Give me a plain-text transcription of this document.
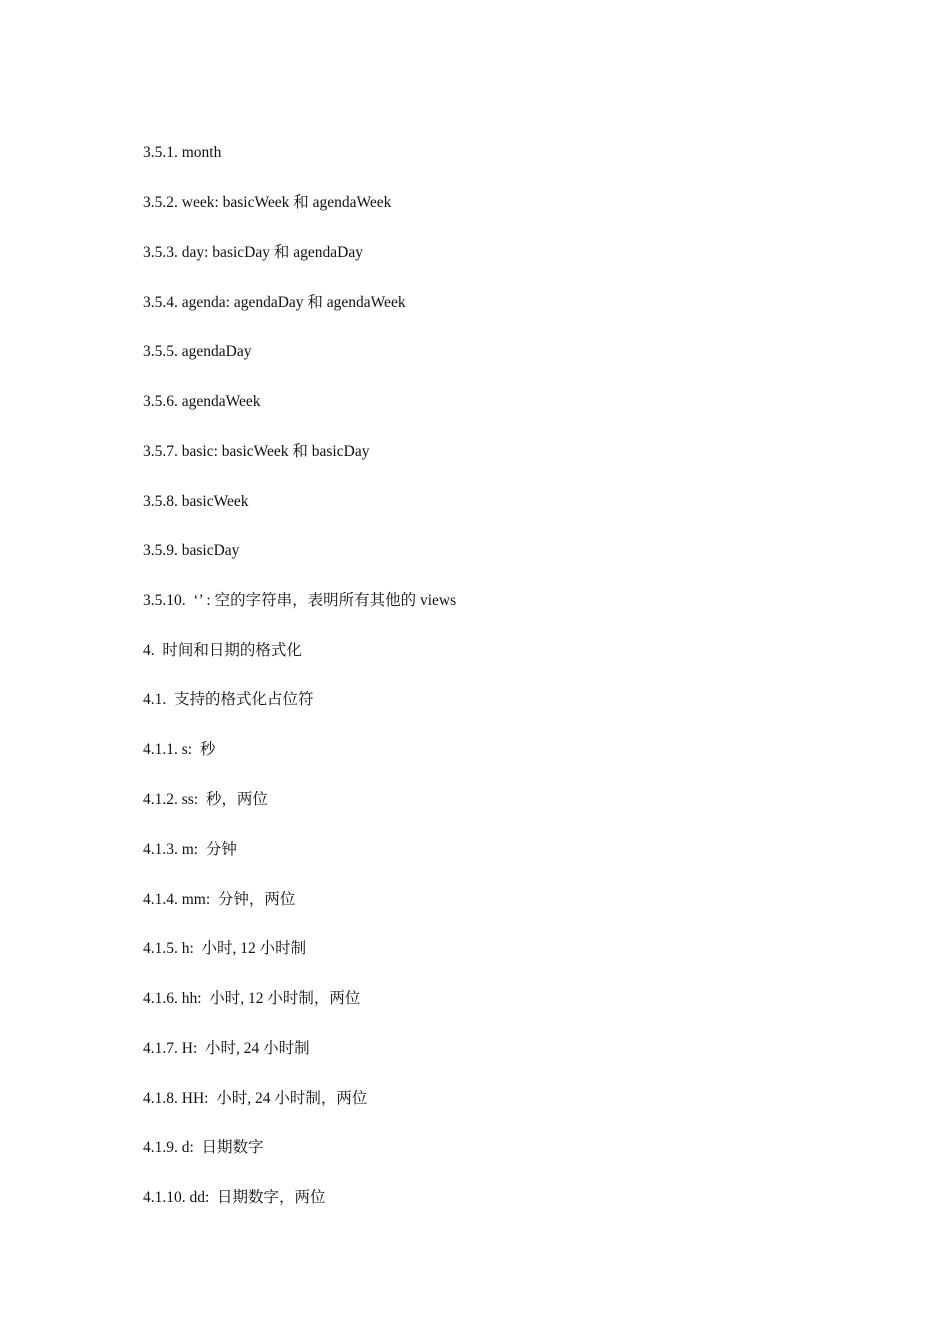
3.5.1. month
3.5.2. week: basicWeek 和 agendaWeek
3.5.3. day: basicDay 和 agendaDay
3.5.4. agenda: agendaDay 和 agendaWeek
3.5.5. agendaDay
3.5.6. agendaWeek
3.5.7. basic: basicWeek 和 basicDay
3.5.8. basicWeek
3.5.9. basicDay
3.5.10.  ‘’ : 空的字符串，表明所有其他的 views
4.  时间和日期的格式化
4.1.  支持的格式化占位符
4.1.1. s:  秒
4.1.2. ss:  秒，两位
4.1.3. m:  分钟
4.1.4. mm:  分钟，两位
4.1.5. h:  小时, 12 小时制
4.1.6. hh:  小时, 12 小时制，两位
4.1.7. H:  小时, 24 小时制
4.1.8. HH:  小时, 24 小时制，两位
4.1.9. d:  日期数字
4.1.10. dd:  日期数字，两位
